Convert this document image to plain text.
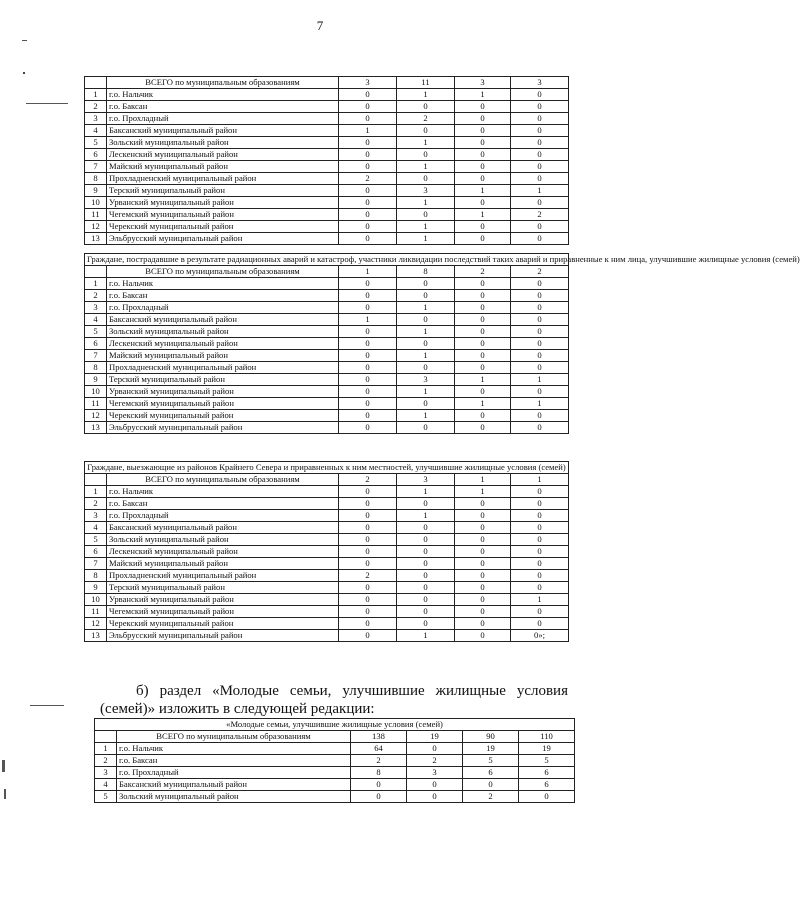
7
	ВСЕГО по муниципальным образованиям	3	11	3	3
1	г.о. Нальчик	0	1	1	0
2	г.о. Баксан	0	0	0	0
3	г.о. Прохладный	0	2	0	0
4	Баксанский муниципальный район	1	0	0	0
5	Зольский муниципальный район	0	1	0	0
6	Лескенский муниципальный район	0	0	0	0
7	Майский муниципальный район	0	1	0	0
8	Прохладненский муниципальный район	2	0	0	0
9	Терский муниципальный район	0	3	1	1
10	Урванский муниципальный район	0	1	0	0
11	Чегемский муниципальный район	0	0	1	2
12	Черекский муниципальный район	0	1	0	0
13	Эльбрусский муниципальный район	0	1	0	0
Граждане, пострадавшие в результате радиационных аварий и катастроф, участники ликвидации последствий таких аварий и приравненные к ним лица, улучшившие жилищные условия (семей)					
	ВСЕГО по муниципальным образованиям	1	8	2	2
1	г.о. Нальчик	0	0	0	0
2	г.о. Баксан	0	0	0	0
3	г.о. Прохладный	0	1	0	0
4	Баксанский муниципальный район	1	0	0	0
5	Зольский муниципальный район	0	1	0	0
6	Лескенский муниципальный район	0	0	0	0
7	Майский муниципальный район	0	1	0	0
8	Прохладненский муниципальный район	0	0	0	0
9	Терский муниципальный район	0	3	1	1
10	Урванский муниципальный район	0	1	0	0
11	Чегемский муниципальный район	0	0	1	1
12	Черекский муниципальный район	0	1	0	0
13	Эльбрусский муниципальный район	0	0	0	0
Граждане, выезжающие из районов Крайнего Севера и приравненных к ним местностей, улучшившие жилищные условия (семей)					
	ВСЕГО по муниципальным образованиям	2	3	1	1
1	г.о. Нальчик	0	1	1	0
2	г.о. Баксан	0	0	0	0
3	г.о. Прохладный	0	1	0	0
4	Баксанский муниципальный район	0	0	0	0
5	Зольский муниципальный район	0	0	0	0
6	Лескенский муниципальный район	0	0	0	0
7	Майский муниципальный район	0	0	0	0
8	Прохладненский муниципальный район	2	0	0	0
9	Терский муниципальный район	0	0	0	0
10	Урванский муниципальный район	0	0	0	1
11	Чегемский муниципальный район	0	0	0	0
12	Черекский муниципальный район	0	0	0	0
13	Эльбрусский муниципальный район	0	1	0	0»;
б) раздел «Молодые семьи, улучшившие жилищные условия
(семей)» изложить в следующей редакции:
«Молодые семьи, улучшившие жилищные условия (семей)					
	ВСЕГО по муниципальным образованиям	138	19	90	110
1	г.о. Нальчик	64	0	19	19
2	г.о. Баксан	2	2	5	5
3	г.о. Прохладный	8	3	6	6
4	Баксанский муниципальный район	0	0	0	6
5	Зольский муниципальный район	0	0	2	0
